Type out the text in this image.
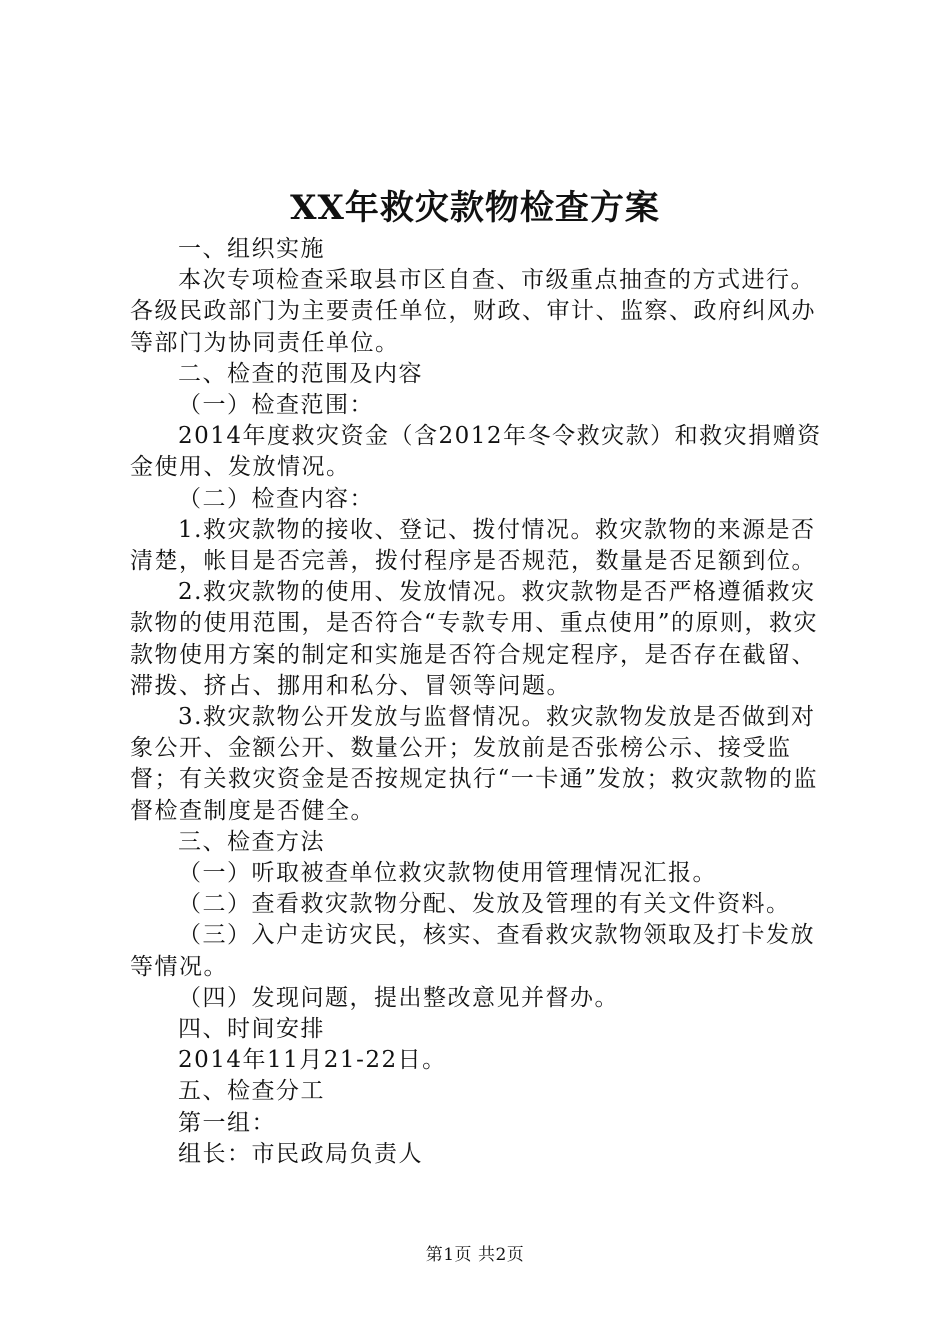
XX年救灾款物检查方案

一、组织实施

本次专项检查采取县市区自查、市级重点抽查的方式进行。各级民政部门为主要责任单位，财政、审计、监察、政府纠风办等部门为协同责任单位。

二、检查的范围及内容

（一）检查范围：

2014年度救灾资金（含2012年冬令救灾款）和救灾捐赠资金使用、发放情况。

（二）检查内容：

1.救灾款物的接收、登记、拨付情况。救灾款物的来源是否清楚，帐目是否完善，拨付程序是否规范，数量是否足额到位。

2.救灾款物的使用、发放情况。救灾款物是否严格遵循救灾款物的使用范围，是否符合“专款专用、重点使用”的原则，救灾款物使用方案的制定和实施是否符合规定程序，是否存在截留、滞拨、挤占、挪用和私分、冒领等问题。

3.救灾款物公开发放与监督情况。救灾款物发放是否做到对象公开、金额公开、数量公开；发放前是否张榜公示、接受监督；有关救灾资金是否按规定执行“一卡通”发放；救灾款物的监督检查制度是否健全。

三、检查方法

（一）听取被查单位救灾款物使用管理情况汇报。

（二）查看救灾款物分配、发放及管理的有关文件资料。

（三）入户走访灾民，核实、查看救灾款物领取及打卡发放等情况。

（四）发现问题，提出整改意见并督办。

四、时间安排

2014年11月21-22日。

五、检查分工

第一组：

组长：市民政局负责人

第1页 共2页
